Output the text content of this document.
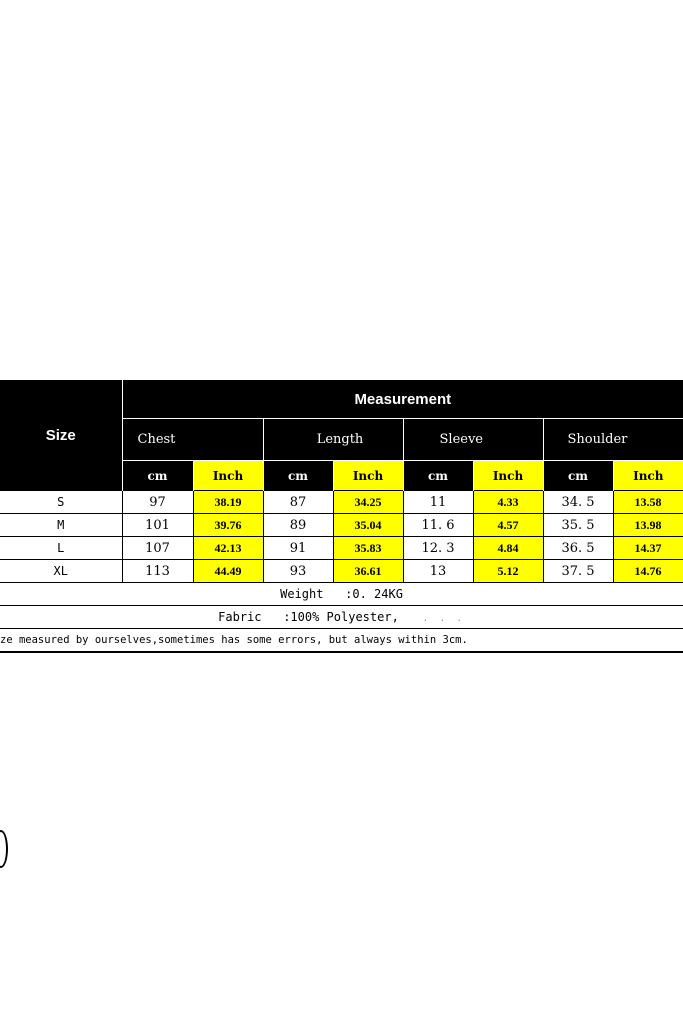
Size	Measurement							
	Chest		Length		Sleeve		Shoulder	
	cm	Inch	cm	Inch	cm	Inch	cm	Inch
S	97	38.19	87	34.25	11	4.33	34. 5	13.58
M	101	39.76	89	35.04	11. 6	4.57	35. 5	13.98
L	107	42.13	91	35.83	12. 3	4.84	36. 5	14.37
XL	113	44.49	93	36.61	13	5.12	37. 5	14.76
Weight   :0. 24KG								
Fabric   :100% Polyester, . . .								
ze measured by ourselves,sometimes has some errors, but always within 3cm.								
